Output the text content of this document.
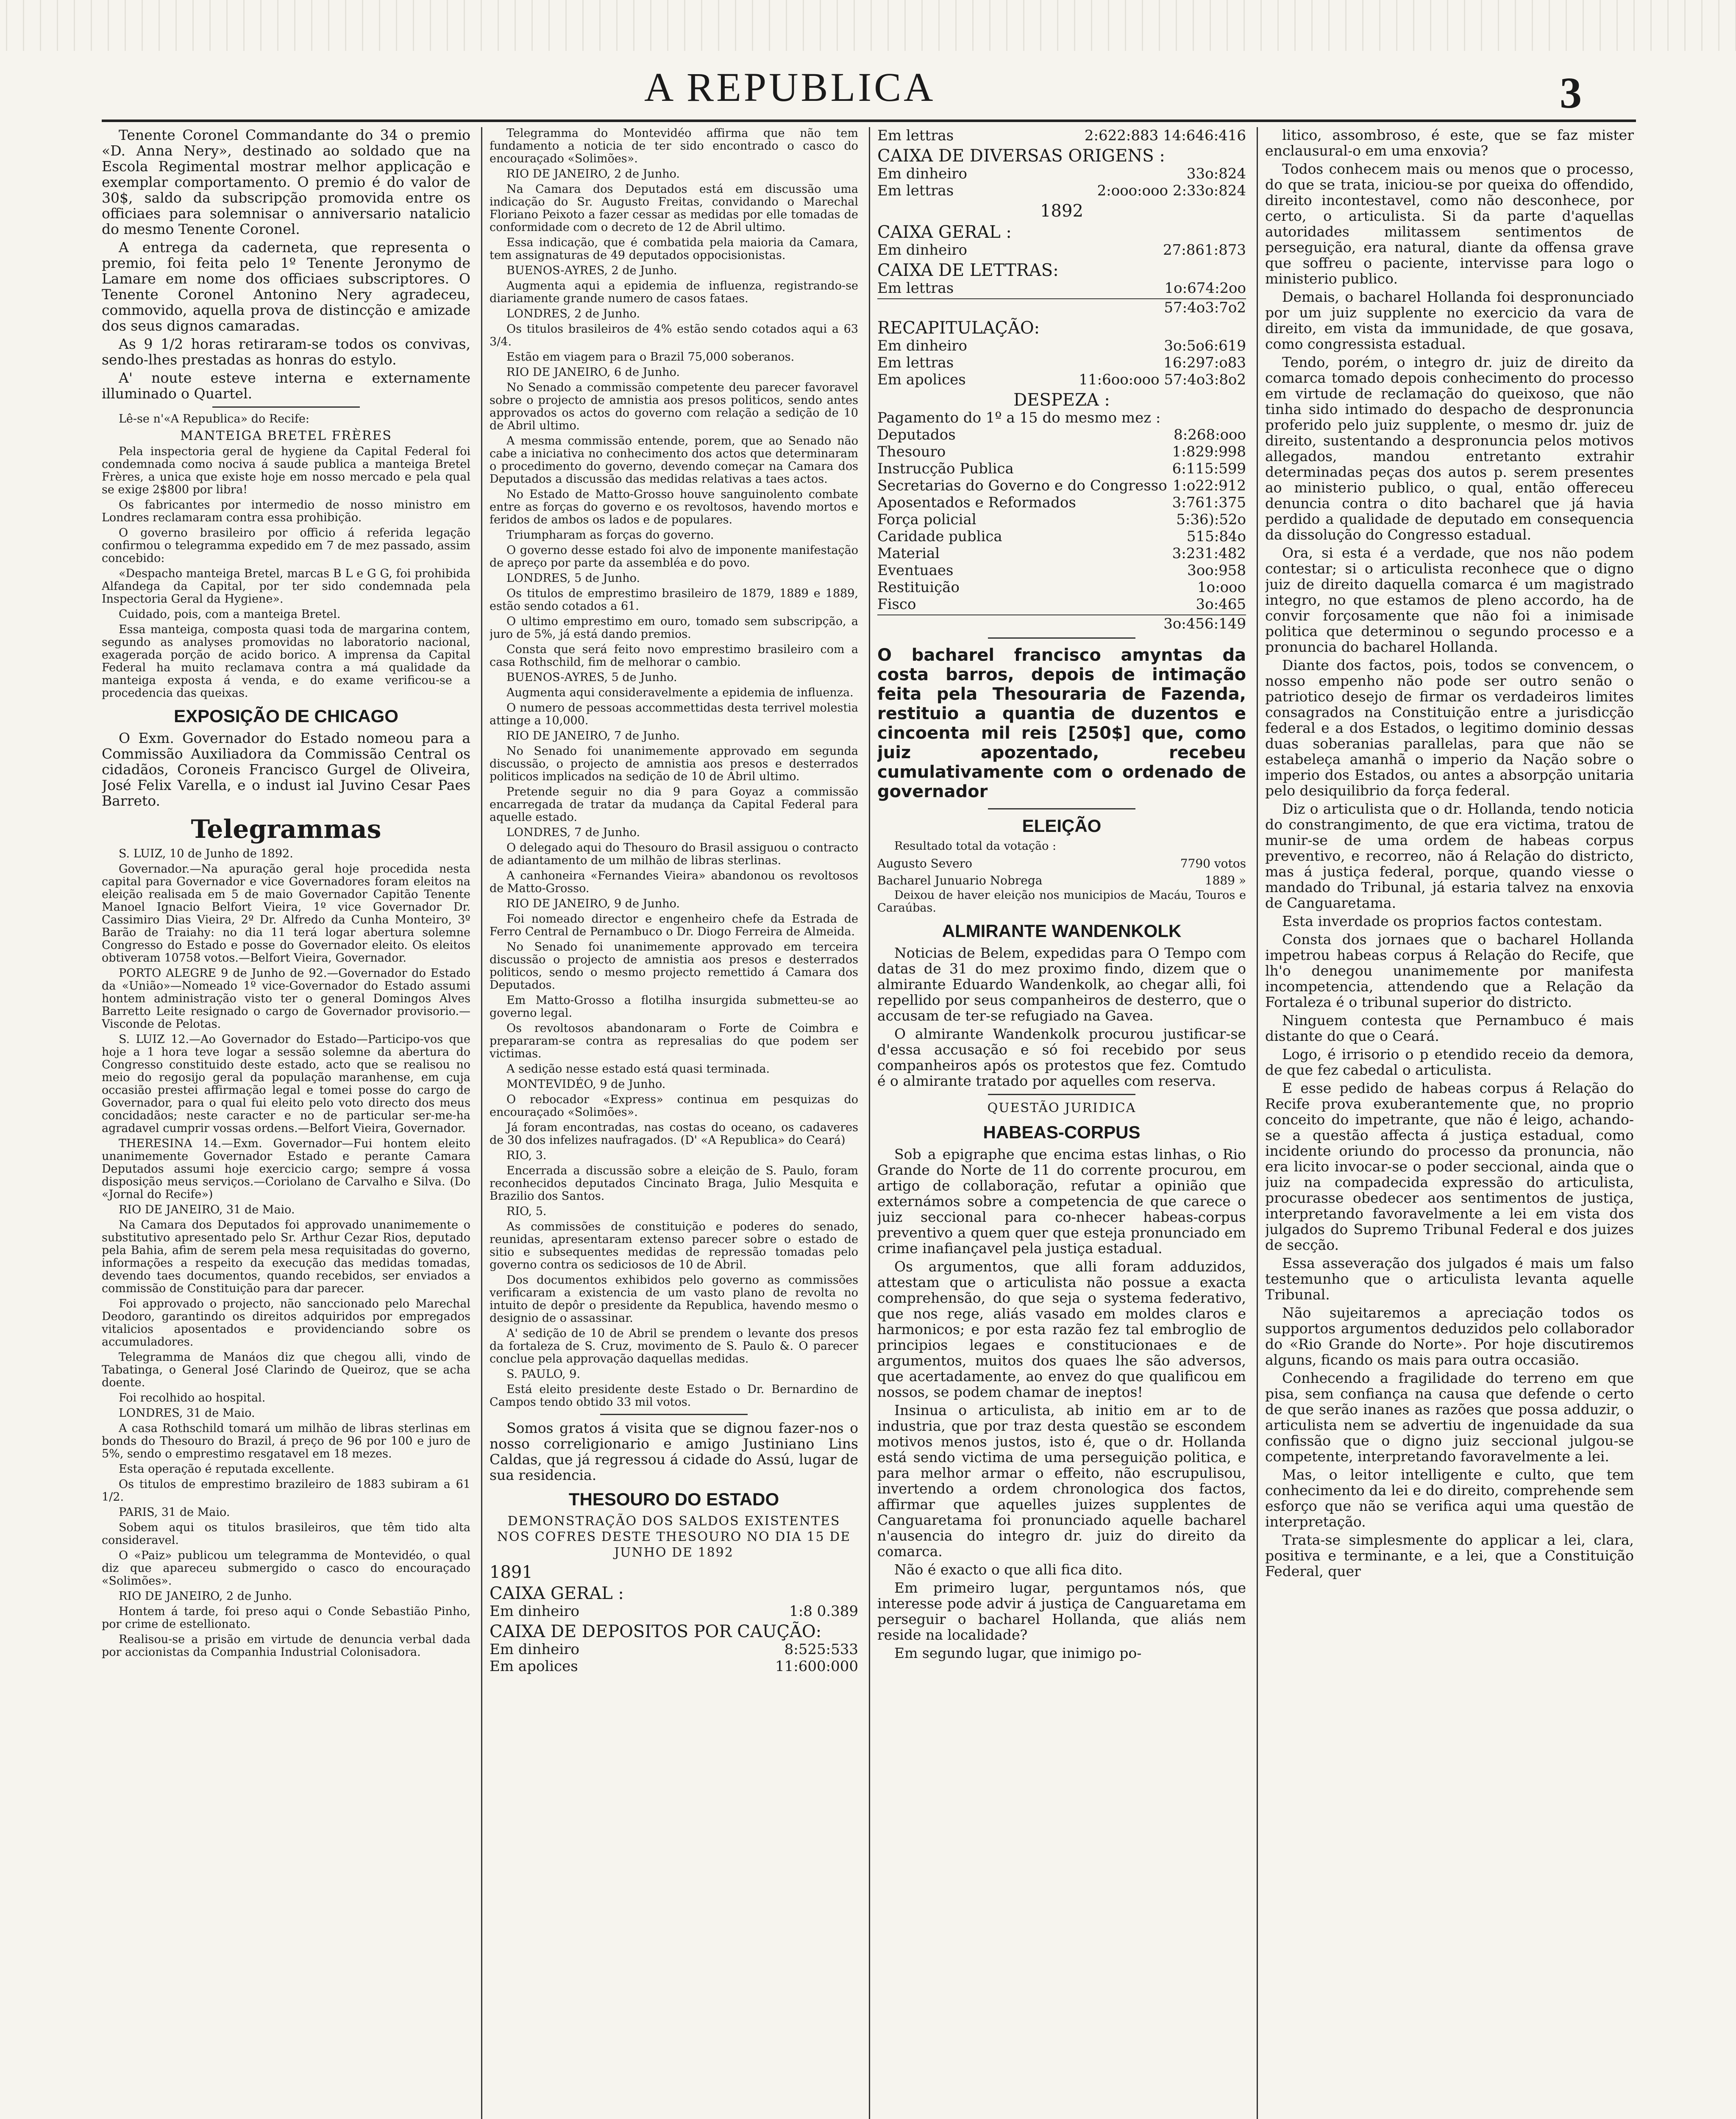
A REPUBLICA	3

Tenente Coronel Commandante do 34 o premio «D. Anna Nery», destinado ao soldado que na Escola Regimental mostrar melhor applicação e exemplar comportamento. O premio é do valor de 30$, saldo da subscripção promovida entre os officiaes para solemnisar o anniversario natalicio do mesmo Tenente Coronel.

A entrega da caderneta, que representa o premio, foi feita pelo 1º Tenente Jeronymo de Lamare em nome dos officiaes subscriptores. O Tenente Coronel Antonino Nery agradeceu, commovido, aquella prova de distincção e amizade dos seus dignos camaradas.

As 9 1/2 horas retiraram-se todos os convivas, sendo-lhes prestadas as honras do estylo.

A' noute esteve interna e externamente illuminado o Quartel.

Lê-se n'«A Republica» do Recife:

MANTEIGA BRETEL FRÈRES

Pela inspectoria geral de hygiene da Capital Federal foi condemnada como nociva á saude publica a manteiga Bretel Frères, a unica que existe hoje em nosso mercado e pela qual se exige 2$800 por libra!

Os fabricantes por intermedio de nosso ministro em Londres reclamaram contra essa prohibição.

O governo brasileiro por officio á referida legação confirmou o telegramma expedido em 7 de mez passado, assim concebido:

«Despacho manteiga Bretel, marcas B L e G G, foi prohibida Alfandega da Capital, por ter sido condemnada pela Inspectoria Geral da Hygiene».

Cuidado, pois, com a manteiga Bretel.

Essa manteiga, composta quasi toda de margarina contem, segundo as analyses promovidas no laboratorio nacional, exagerada porção de acido borico. A imprensa da Capital Federal ha muito reclamava contra a má qualidade da manteiga exposta á venda, e do exame verificou-se a procedencia das queixas.

EXPOSIÇÃO DE CHICAGO

O Exm. Governador do Estado nomeou para a Commissão Auxiliadora da Commissão Central os cidadãos, Coroneis Francisco Gurgel de Oliveira, José Felix Varella, e o indust ial Juvino Cesar Paes Barreto.

Telegrammas

S. LUIZ, 10 de Junho de 1892.

Governador.—Na apuração geral hoje procedida nesta capital para Governador e vice Governadores foram eleitos na eleição realisada em 5 de maio Governador Capitão Tenente Manoel Ignacio Belfort Vieira, 1º vice Governador Dr. Cassimiro Dias Vieira, 2º Dr. Alfredo da Cunha Monteiro, 3º Barão de Traiahy: no dia 11 terá logar abertura solemne Congresso do Estado e posse do Governador eleito. Os eleitos obtiveram 10758 votos.—Belfort Vieira, Governador.

PORTO ALEGRE 9 de Junho de 92.—Governador do Estado da «União»—Nomeado 1º vice-Governador do Estado assumi hontem administração visto ter o general Domingos Alves Barretto Leite resignado o cargo de Governador provisorio.—Visconde de Pelotas.

S. LUIZ 12.—Ao Governador do Estado—Participo-vos que hoje a 1 hora teve logar a sessão solemne da abertura do Congresso constituido deste estado, acto que se realisou no meio do regosijo geral da população maranhense, em cuja occasião prestei affirmação legal e tomei posse do cargo de Governador, para o qual fui eleito pelo voto directo dos meus concidadãos; neste caracter e no de particular ser-me-ha agradavel cumprir vossas ordens.—Belfort Vieira, Governador.

THERESINA 14.—Exm. Governador—Fui hontem eleito unanimemente Governador Estado e perante Camara Deputados assumi hoje exercicio cargo; sempre á vossa disposição meus serviços.—Coriolano de Carvalho e Silva. (Do «Jornal do Recife»)

RIO DE JANEIRO, 31 de Maio.

Na Camara dos Deputados foi approvado unanimemente o substitutivo apresentado pelo Sr. Arthur Cezar Rios, deputado pela Bahia, afim de serem pela mesa requisitadas do governo, informações a respeito da execução das medidas tomadas, devendo taes documentos, quando recebidos, ser enviados a commissão de Constituição para dar parecer.

Foi approvado o projecto, não sanccionado pelo Marechal Deodoro, garantindo os direitos adquiridos por empregados vitalicios aposentados e providenciando sobre os accumuladores.

Telegramma de Manáos diz que chegou alli, vindo de Tabatinga, o General José Clarindo de Queiroz, que se acha doente.

Foi recolhido ao hospital.

LONDRES, 31 de Maio.

A casa Rothschild tomará um milhão de libras sterlinas em bonds do Thesouro do Brazil, á preço de 96 por 100 e juro de 5%, sendo o emprestimo resgatavel em 18 mezes.

Esta operação é reputada excellente.

Os titulos de emprestimo brazileiro de 1883 subiram a 61 1/2.

PARIS, 31 de Maio.

Sobem aqui os titulos brasileiros, que têm tido alta consideravel.

O «Paiz» publicou um telegramma de Montevidéo, o qual diz que apareceu submergido o casco do encouraçado «Solimões».

RIO DE JANEIRO, 2 de Junho.

Hontem á tarde, foi preso aqui o Conde Sebastião Pinho, por crime de estellionato.

Realisou-se a prisão em virtude de denuncia verbal dada por accionistas da Companhia Industrial Colonisadora.

Telegramma do Montevidéo affirma que não tem fundamento a noticia de ter sido encontrado o casco do encouraçado «Solimões».

RIO DE JANEIRO, 2 de Junho.

Na Camara dos Deputados está em discussão uma indicação do Sr. Augusto Freitas, convidando o Marechal Floriano Peixoto a fazer cessar as medidas por elle tomadas de conformidade com o decreto de 12 de Abril ultimo.

Essa indicação, que é combatida pela maioria da Camara, tem assignaturas de 49 deputados oppocisionistas.

BUENOS-AYRES, 2 de Junho.

Augmenta aqui a epidemia de influenza, registrando-se diariamente grande numero de casos fataes.

LONDRES, 2 de Junho.

Os titulos brasileiros de 4% estão sendo cotados aqui a 63 3/4.

Estão em viagem para o Brazil 75,000 soberanos.

RIO DE JANEIRO, 6 de Junho.

No Senado a commissão competente deu parecer favoravel sobre o projecto de amnistia aos presos politicos, sendo antes approvados os actos do governo com relação a sedição de 10 de Abril ultimo.

A mesma commissão entende, porem, que ao Senado não cabe a iniciativa no conhecimento dos actos que determinaram o procedimento do governo, devendo começar na Camara dos Deputados a discussão das medidas relativas a taes actos.

No Estado de Matto-Grosso houve sanguinolento combate entre as forças do governo e os revoltosos, havendo mortos e feridos de ambos os lados e de populares.

Triumpharam as forças do governo.

O governo desse estado foi alvo de imponente manifestação de apreço por parte da assembléa e do povo.

LONDRES, 5 de Junho.

Os titulos de emprestimo brasileiro de 1879, 1889 e 1889, estão sendo cotados a 61.

O ultimo emprestimo em ouro, tomado sem subscripção, a juro de 5%, já está dando premios.

Consta que será feito novo emprestimo brasileiro com a casa Rothschild, fim de melhorar o cambio.

BUENOS-AYRES, 5 de Junho.

Augmenta aqui consideravelmente a epidemia de influenza.

O numero de pessoas accommettidas desta terrivel molestia attinge a 10,000.

RIO DE JANEIRO, 7 de Junho.

No Senado foi unanimemente approvado em segunda discussão, o projecto de amnistia aos presos e desterrados politicos implicados na sedição de 10 de Abril ultimo.

Pretende seguir no dia 9 para Goyaz a commissão encarregada de tratar da mudança da Capital Federal para aquelle estado.

LONDRES, 7 de Junho.

O delegado aqui do Thesouro do Brasil assiguou o contracto de adiantamento de um milhão de libras sterlinas.

A canhoneira «Fernandes Vieira» abandonou os revoltosos de Matto-Grosso.

RIO DE JANEIRO, 9 de Junho.

Foi nomeado director e engenheiro chefe da Estrada de Ferro Central de Pernambuco o Dr. Diogo Ferreira de Almeida.

No Senado foi unanimemente approvado em terceira discussão o projecto de amnistia aos presos e desterrados politicos, sendo o mesmo projecto remettido á Camara dos Deputados.

Em Matto-Grosso a flotilha insurgida submetteu-se ao governo legal.

Os revoltosos abandonaram o Forte de Coimbra e prepararam-se contra as represalias do que podem ser victimas.

A sedição nesse estado está quasi terminada.

MONTEVIDÉO, 9 de Junho.

O rebocador «Express» continua em pesquizas do encouraçado «Solimões».

Já foram encontradas, nas costas do oceano, os cadaveres de 30 dos infelizes naufragados. (D' «A Republica» do Ceará)

RIO, 3.

Encerrada a discussão sobre a eleição de S. Paulo, foram reconhecidos deputados Cincinato Braga, Julio Mesquita e Brazilio dos Santos.

RIO, 5.

As commissões de constituição e poderes do senado, reunidas, apresentaram extenso parecer sobre o estado de sitio e subsequentes medidas de repressão tomadas pelo governo contra os sediciosos de 10 de Abril.

Dos documentos exhibidos pelo governo as commissões verificaram a existencia de um vasto plano de revolta no intuito de depôr o presidente da Republica, havendo mesmo o designio de o assassinar.

A' sedição de 10 de Abril se prendem o levante dos presos da fortaleza de S. Cruz, movimento de S. Paulo &. O parecer conclue pela approvação daquellas medidas.

S. PAULO, 9.

Está eleito presidente deste Estado o Dr. Bernardino de Campos tendo obtido 33 mil votos.

Somos gratos á visita que se dignou fazer-nos o nosso correligionario e amigo Justiniano Lins Caldas, que já regressou á cidade do Assú, lugar de sua residencia.

THESOURO DO ESTADO
DEMONSTRAÇÃO DOS SALDOS EXISTENTES NOS COFRES DESTE THESOURO NO DIA 15 DE JUNHO DE 1892
1891
CAIXA GERAL :
Em dinheiro	1:8 0.389
CAIXA DE DEPOSITOS POR CAUÇÃO:
Em dinheiro	8:525:533
Em apolices	11:600:000
Em lettras	2:622:883 14:646:416
CAIXA DE DIVERSAS ORIGENS :
Em dinheiro	33o:824
Em lettras	2:ooo:ooo 2:33o:824
1892
CAIXA GERAL :
Em dinheiro	27:861:873
CAIXA DE LETTRAS:
Em lettras	1o:674:2oo
57:4o3:7o2
RECAPITULAÇÃO:
Em dinheiro	3o:5o6:619
Em lettras	16:297:o83
Em apolices	11:6oo:ooo 57:4o3:8o2
DESPEZA :
Pagamento do 1º a 15 do mesmo mez :
Deputados	8:268:ooo
Thesouro	1:829:998
Instrucção Publica	6:115:599
Secretarias do Governo e do Congresso 1:o22:912
Aposentados e Reformados	3:761:375
Força policial	5:36):52o
Caridade publica	515:84o
Material	3:231:482
Eventuaes	3oo:958
Restituição	1o:ooo
Fisco	3o:465
3o:456:149
O bacharel francisco amyntas da costa barros, depois de intimação feita pela Thesouraria de Fazenda, restituio a quantia de duzentos e cincoenta mil reis [250$] que, como juiz apozentado, recebeu cumulativamente com o ordenado de governador
ELEIÇÃO

Resultado total da votação :

Augusto Severo	7790 votos
Bacharel Junuario Nobrega	1889 »

Deixou de haver eleição nos municipios de Macáu, Touros e Caraúbas.

ALMIRANTE WANDENKOLK

Noticias de Belem, expedidas para O Tempo com datas de 31 do mez proximo findo, dizem que o almirante Eduardo Wandenkolk, ao chegar alli, foi repellido por seus companheiros de desterro, que o accusam de ter-se refugiado na Gavea.

O almirante Wandenkolk procurou justificar-se d'essa accusação e só foi recebido por seus companheiros após os protestos que fez. Comtudo é o almirante tratado por aquelles com reserva.

QUESTÃO JURIDICA
HABEAS-CORPUS

Sob a epigraphe que encima estas linhas, o Rio Grande do Norte de 11 do corrente procurou, em artigo de collaboração, refutar a opinião que externámos sobre a competencia de que carece o juiz seccional para co-nhecer habeas-corpus preventivo a quem quer que esteja pronunciado em crime inafiançavel pela justiça estadual.

Os argumentos, que alli foram adduzidos, attestam que o articulista não possue a exacta comprehensão, do que seja o systema federativo, que nos rege, aliás vasado em moldes claros e harmonicos; e por esta razão fez tal embroglio de principios legaes e constitucionaes e de argumentos, muitos dos quaes lhe são adversos, que acertadamente, ao envez do que qualificou em nossos, se podem chamar de ineptos!

Insinua o articulista, ab initio em ar to de industria, que por traz desta questão se escondem motivos menos justos, isto é, que o dr. Hollanda está sendo victima de uma perseguição politica, e para melhor armar o effeito, não escrupulisou, invertendo a ordem chronologica dos factos, affirmar que aquelles juizes supplentes de Canguaretama foi pronunciado aquelle bacharel n'ausencia do integro dr. juiz do direito da comarca.

Não é exacto o que alli fica dito.

Em primeiro lugar, perguntamos nós, que interesse pode advir á justiça de Canguaretama em perseguir o bacharel Hollanda, que aliás nem reside na localidade?

Em segundo lugar, que inimigo po-

litico, assombroso, é este, que se faz mister enclausural-o em uma enxovia?

Todos conhecem mais ou menos que o processo, do que se trata, iniciou-se por queixa do offendido, direito incontestavel, como não desconhece, por certo, o articulista. Si da parte d'aquellas autoridades militassem sentimentos de perseguição, era natural, diante da offensa grave que soffreu o paciente, intervisse para logo o ministerio publico.

Demais, o bacharel Hollanda foi despronunciado por um juiz supplente no exercicio da vara de direito, em vista da immunidade, de que gosava, como congressista estadual.

Tendo, porém, o integro dr. juiz de direito da comarca tomado depois conhecimento do processo em virtude de reclamação do queixoso, que não tinha sido intimado do despacho de despronuncia proferido pelo juiz supplente, o mesmo dr. juiz de direito, sustentando a despronuncia pelos motivos allegados, mandou entretanto extrahir determinadas peças dos autos p. serem presentes ao ministerio publico, o qual, então offereceu denuncia contra o dito bacharel que já havia perdido a qualidade de deputado em consequencia da dissolução do Congresso estadual.

Ora, si esta é a verdade, que nos não podem contestar; si o articulista reconhece que o digno juiz de direito daquella comarca é um magistrado integro, no que estamos de pleno accordo, ha de convir forçosamente que não foi a inimisade politica que determinou o segundo processo e a pronuncia do bacharel Hollanda.

Diante dos factos, pois, todos se convencem, o nosso empenho não pode ser outro senão o patriotico desejo de firmar os verdadeiros limites consagrados na Constituição entre a jurisdicção federal e a dos Estados, o legitimo dominio dessas duas soberanias parallelas, para que não se estabeleça amanhã o imperio da Nação sobre o imperio dos Estados, ou antes a absorpção unitaria pelo desiquilibrio da força federal.

Diz o articulista que o dr. Hollanda, tendo noticia do constrangimento, de que era victima, tratou de munir-se de uma ordem de habeas corpus preventivo, e recorreo, não á Relação do districto, mas á justiça federal, porque, quando viesse o mandado do Tribunal, já estaria talvez na enxovia de Canguaretama.

Esta inverdade os proprios factos contestam.

Consta dos jornaes que o bacharel Hollanda impetrou habeas corpus á Relação do Recife, que lh'o denegou unanimemente por manifesta incompetencia, attendendo que a Relação da Fortaleza é o tribunal superior do districto.

Ninguem contesta que Pernambuco é mais distante do que o Ceará.

Logo, é irrisorio o p etendido receio da demora, de que fez cabedal o articulista.

E esse pedido de habeas corpus á Relação do Recife prova exuberantemente que, no proprio conceito do impetrante, que não é leigo, achando-se a questão affecta á justiça estadual, como incidente oriundo do processo da pronuncia, não era licito invocar-se o poder seccional, ainda que o juiz na compadecida expressão do articulista, procurasse obedecer aos sentimentos de justiça, interpretando favoravelmente a lei em vista dos julgados do Supremo Tribunal Federal e dos juizes de secção.

Essa asseveração dos julgados é mais um falso testemunho que o articulista levanta aquelle Tribunal.

Não sujeitaremos a apreciação todos os supportos argumentos deduzidos pelo collaborador do «Rio Grande do Norte». Por hoje discutiremos alguns, ficando os mais para outra occasião.

Conhecendo a fragilidade do terreno em que pisa, sem confiança na causa que defende o certo de que serão inanes as razões que possa adduzir, o articulista nem se advertiu de ingenuidade da sua confissão que o digno juiz seccional julgou-se competente, interpretando favoravelmente a lei.

Mas, o leitor intelligente e culto, que tem conhecimento da lei e do direito, comprehende sem esforço que não se verifica aqui uma questão de interpretação.

Trata-se simplesmente do applicar a lei, clara, positiva e terminante, e a lei, que a Constituição Federal, quer
